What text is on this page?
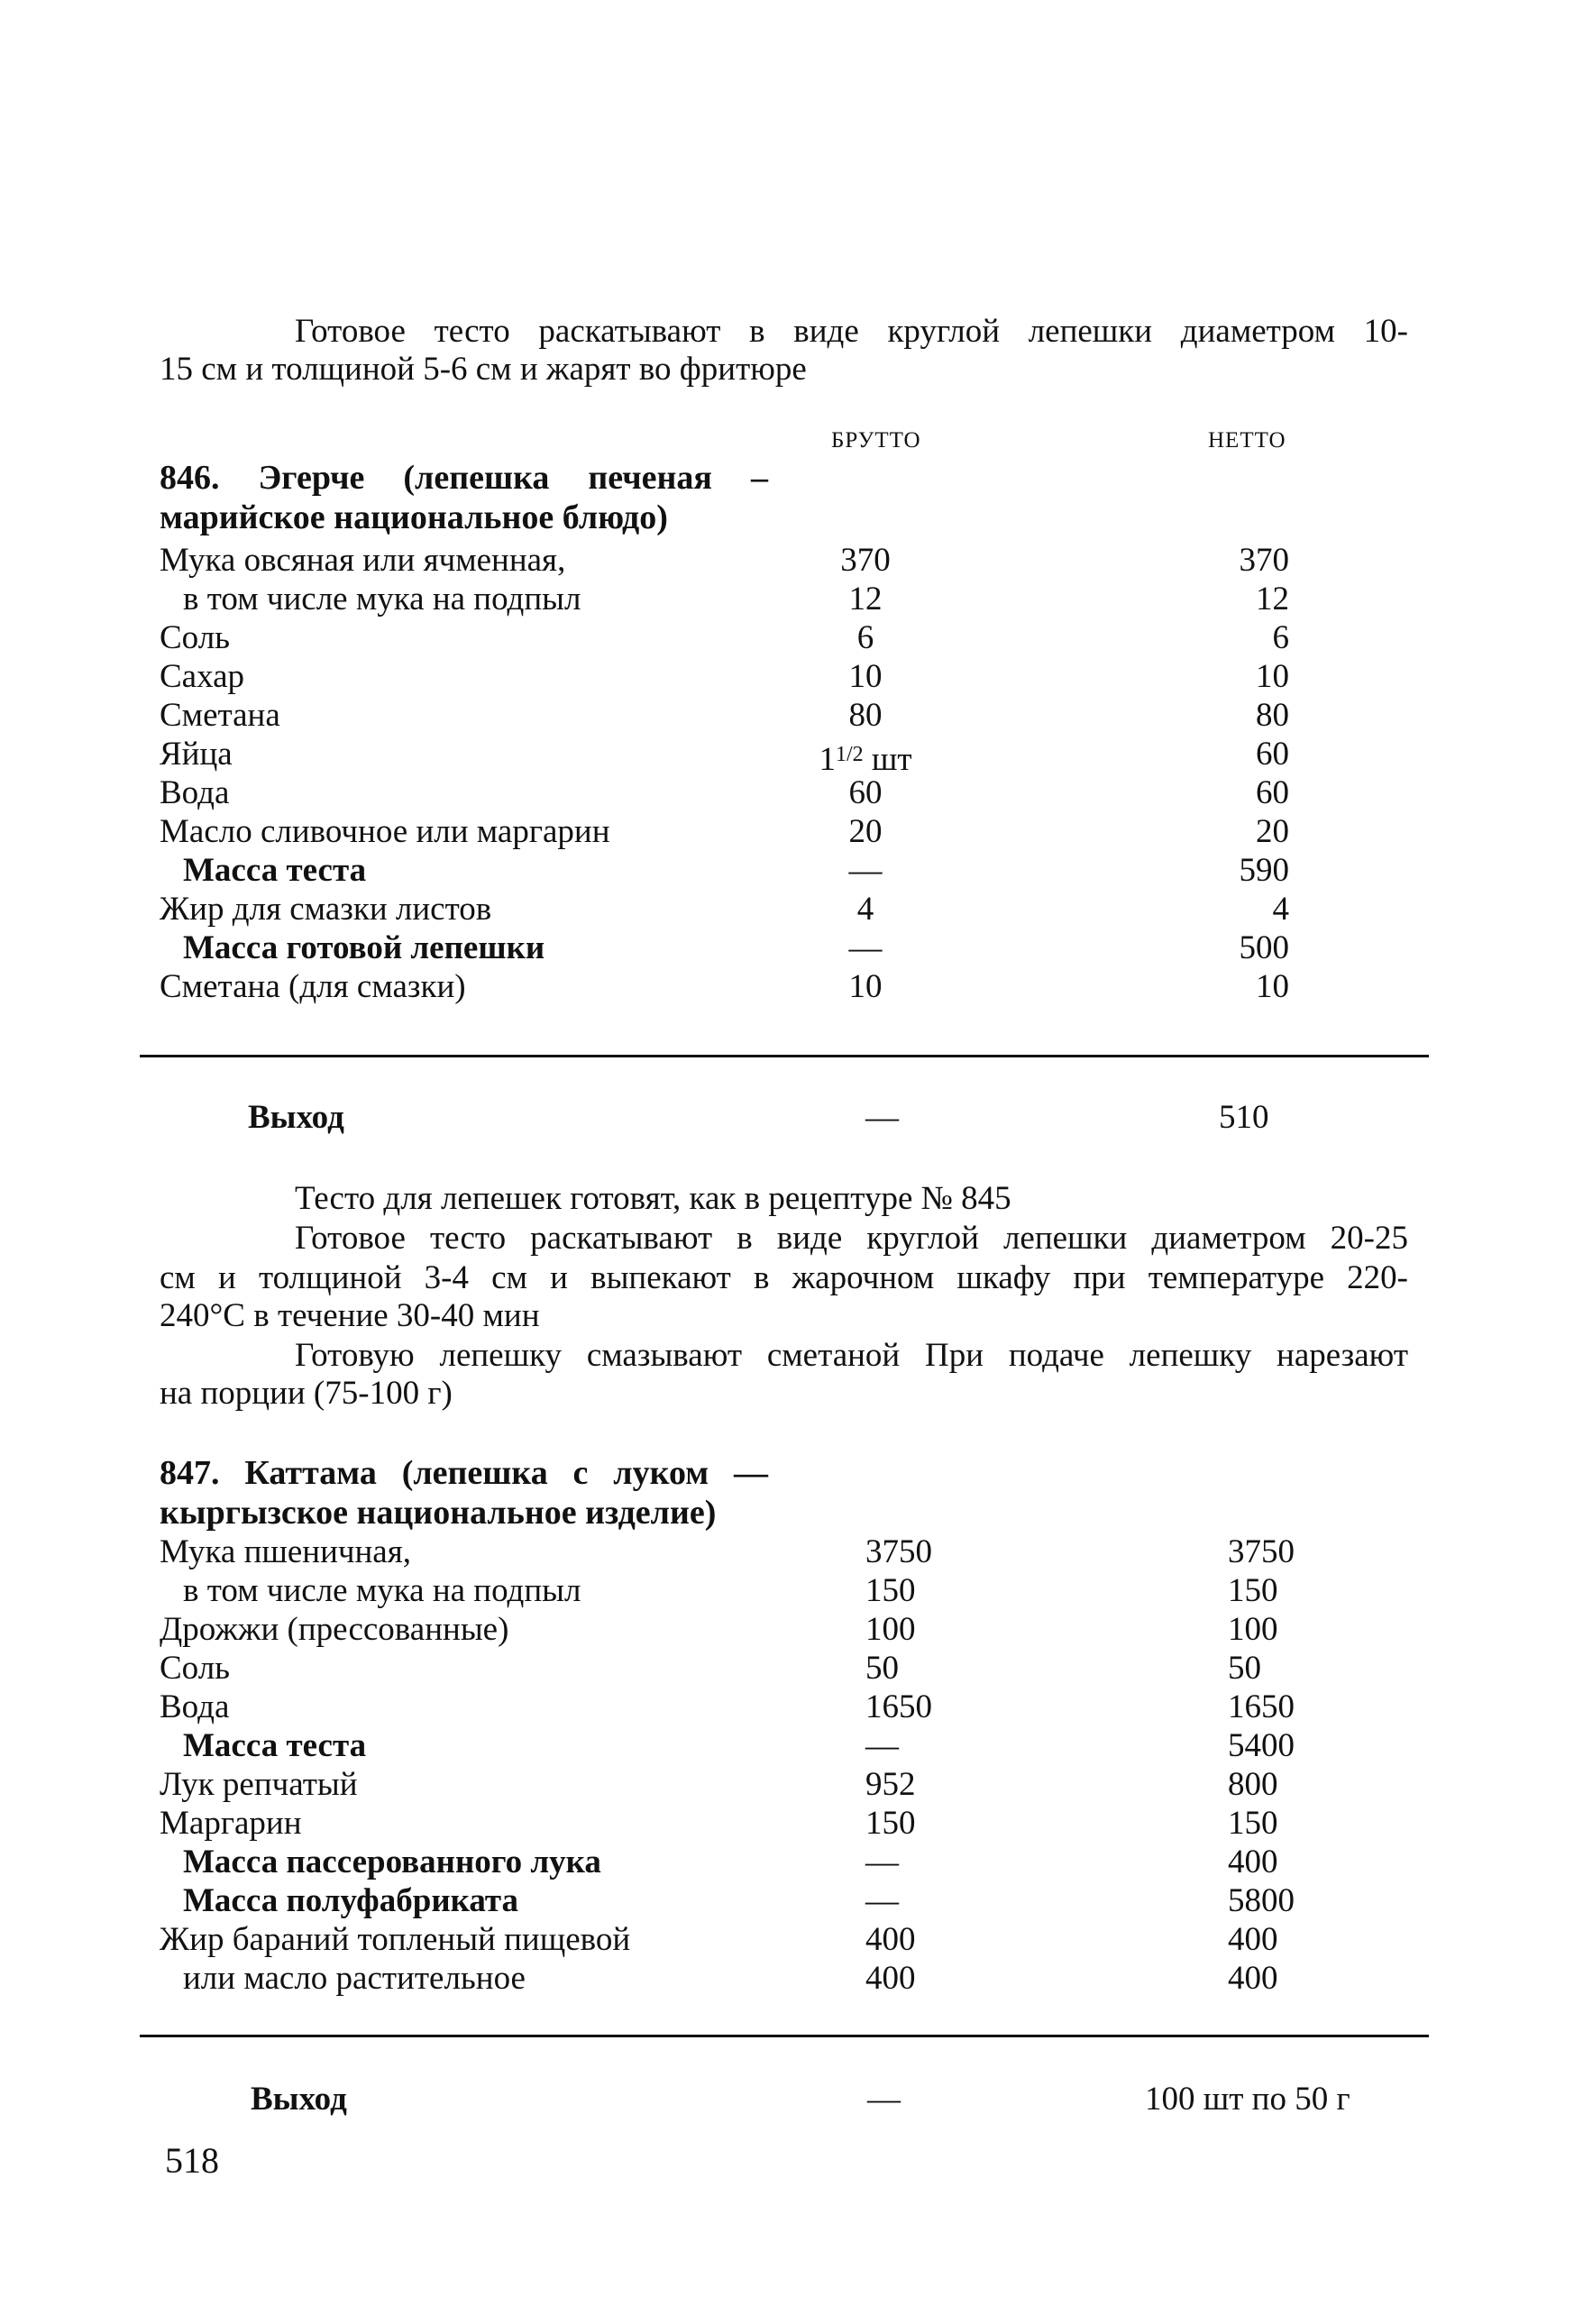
Готовое тесто раскатывают в виде круглой лепешки диаметром 10-
15 см и толщиной 5-6 см и жарят во фритюре
БРУТТО	НЕТТО
846. Эгерче (лепешка печеная –
марийское национальное блюдо)
Мука овсяная или ячменная,	370	370
в том числе мука на подпыл	12	12
Соль	6	6
Сахар	10	10
Сметана	80	80
Яйца	$1^{1/2}$ шт	60
Вода	60	60
Масло сливочное или маргарин	20	20
Масса теста	—	590
Жир для смазки листов	4	4
Масса готовой лепешки	—	500
Сметана (для смазки)	10	10
Выход	—	510
Тесто для лепешек готовят, как в рецептуре № 845
Готовое тесто раскатывают в виде круглой лепешки диаметром 20-25
см и толщиной 3-4 см и выпекают в жарочном шкафу при температуре 220-
240°С в течение 30-40 мин
Готовую лепешку смазывают сметаной При подаче лепешку нарезают
на порции (75-100 г)
847. Каттама (лепешка с луком —
кыргызское национальное изделие)
Мука пшеничная,	3750	3750
в том числе мука на подпыл	150	150
Дрожжи (прессованные)	100	100
Соль	50	50
Вода	1650	1650
Масса теста	—	5400
Лук репчатый	952	800
Маргарин	150	150
Масса пассерованного лука	—	400
Масса полуфабриката	—	5800
Жир бараний топленый пищевой	400	400
или масло растительное	400	400
Выход	—	100 шт по 50 г
518
